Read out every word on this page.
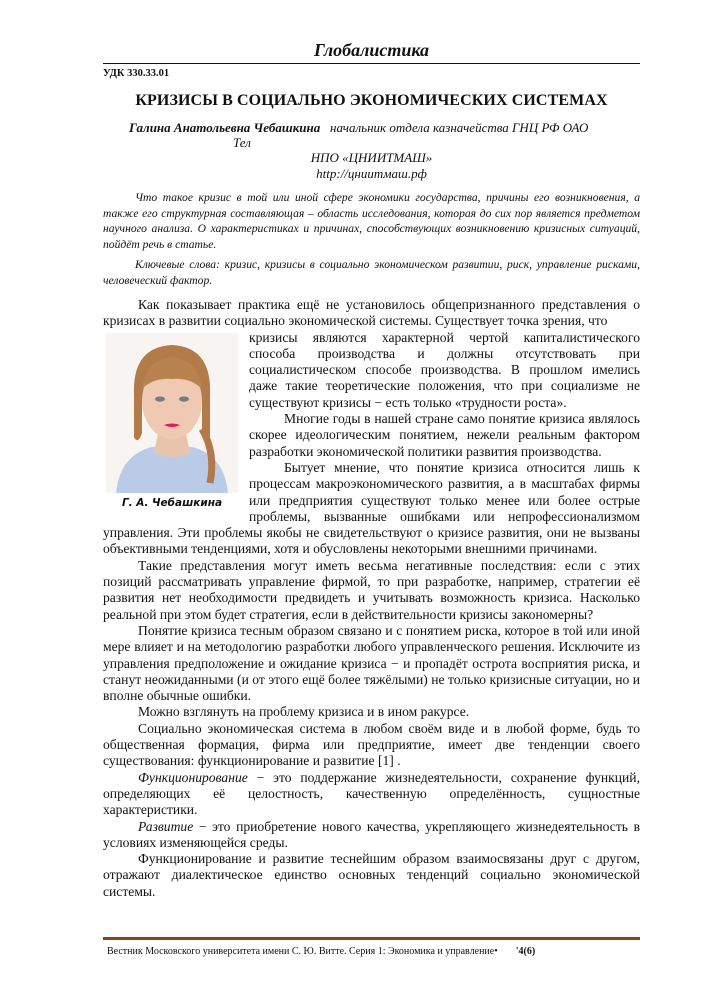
Глобалистика
УДК 330.33.01
КРИЗИСЫ В СОЦИАЛЬНО ЭКОНОМИЧЕСКИХ СИСТЕМАХ
Галина Анатольевна Чебашкина начальник отдела казначейства ГНЦ РФ ОАО
Тел
НПО «ЦНИИТМАШ»
http://цниитмаш.рф

Что такое кризис в той или иной сфере экономики государства, причины его возникновения, а также его структурная составляющая – область исследования, которая до сих пор является предметом научного анализа. О характеристиках и причинах, способствующих возникновению кризисных ситуаций, пойдёт речь в статье.

Ключевые слова: кризис, кризисы в социально экономическом развитии, риск, управление рисками, человеческий фактор.

Как показывает практика ещё не установилось общепризнанного представления о кризисах в развитии социально экономической системы. Существует точка зрения, что

Г. А. Чебашкина

кризисы являются характерной чертой капиталистического способа производства и должны отсутствовать при социалистическом способе производства. В прошлом имелись даже такие теоретические положения, что при социализме не существуют кризисы − есть только «трудности роста».

Многие годы в нашей стране само понятие кризиса являлось скорее идеологическим понятием, нежели реальным фактором разработки экономической политики развития производства.

Бытует мнение, что понятие кризиса относится лишь к процессам макроэкономического развития, а в масштабах фирмы или предприятия существуют только менее или более острые проблемы, вызванные ошибками или непрофессионализмом управления. Эти проблемы якобы не свидетельствуют о кризисе развития, они не вызваны объективными тенденциями, хотя и обусловлены некоторыми внешними причинами.

Такие представления могут иметь весьма негативные последствия: если с этих позиций рассматривать управление фирмой, то при разработке, например, стратегии её развития нет необходимости предвидеть и учитывать возможность кризиса. Насколько реальной при этом будет стратегия, если в действительности кризисы закономерны?

Понятие кризиса тесным образом связано и с понятием риска, которое в той или иной мере влияет и на методологию разработки любого управленческого решения. Исключите из управления предположение и ожидание кризиса − и пропадёт острота восприятия риска, и станут неожиданными (и от этого ещё более тяжёлыми) не только кризисные ситуации, но и вполне обычные ошибки.

Можно взглянуть на проблему кризиса и в ином ракурсе.

Социально экономическая система в любом своём виде и в любой форме, будь то общественная формация, фирма или предприятие, имеет две тенденции своего существования: функционирование и развитие [1] .

Функционирование − это поддержание жизнедеятельности, сохранение функций, определяющих её целостность, качественную определённость, сущностные характеристики.

Развитие − это приобретение нового качества, укрепляющего жизнедеятельность в условиях изменяющейся среды.

Функционирование и развитие теснейшим образом взаимосвязаны друг с другом, отражают диалектическое единство основных тенденций социально экономической системы.

Вестник Московского университета имени С. Ю. Витте. Серия 1: Экономика и управление• '4(6)
